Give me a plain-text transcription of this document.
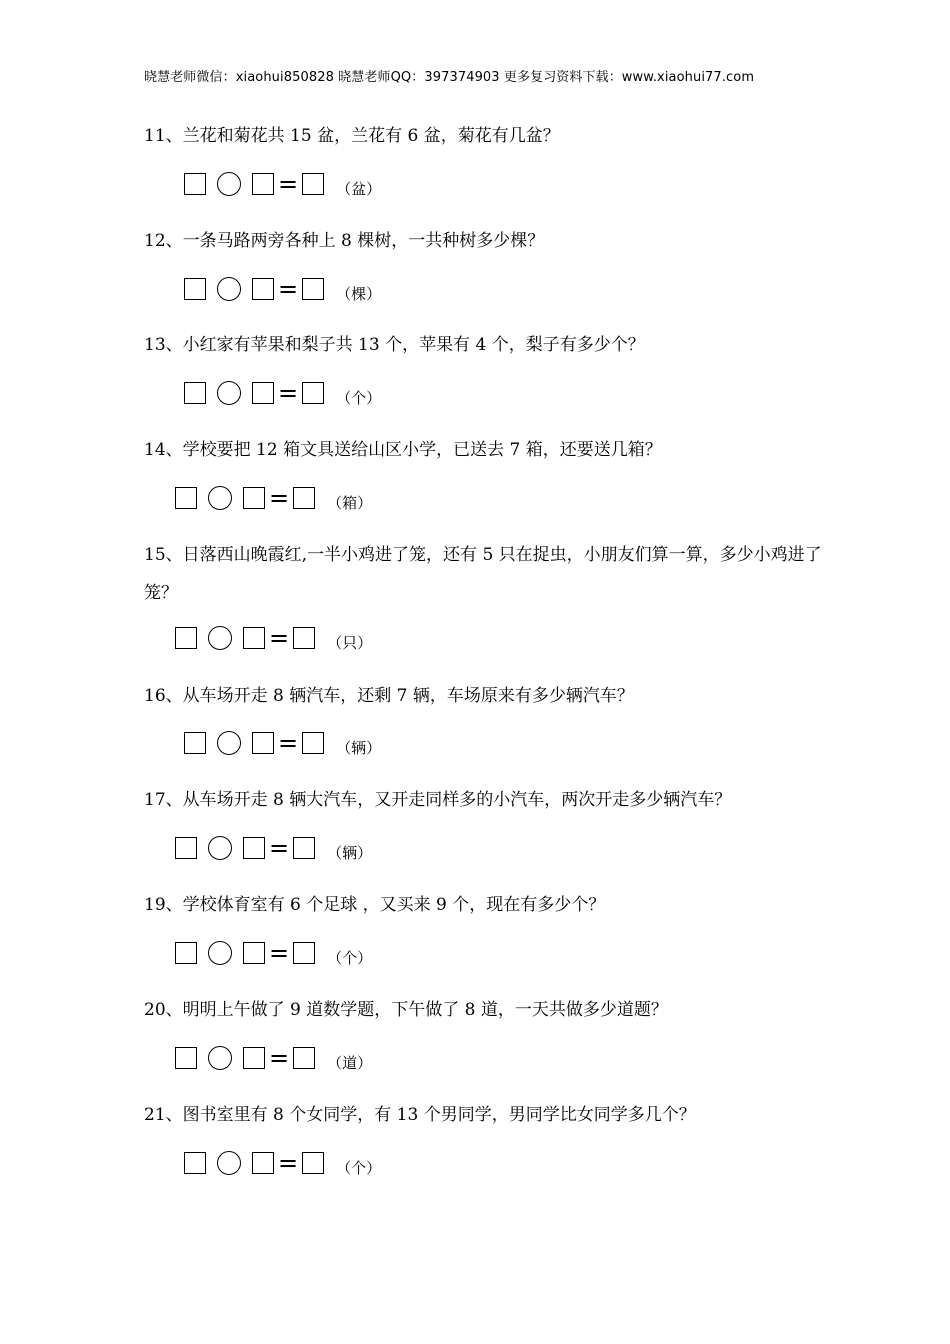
晓慧老师微信：xiaohui850828 晓慧老师QQ：397374903 更多复习资料下载：www.xiaohui77.com
11、兰花和菊花共 15 盆，兰花有 6 盆，菊花有几盆？
=	（盆）
12、一条马路两旁各种上 8 棵树，一共种树多少棵？
=	（棵）
13、小红家有苹果和梨子共 13 个，苹果有 4 个，梨子有多少个？
=	（个）
14、学校要把 12 箱文具送给山区小学，已送去 7 箱，还要送几箱？
=	（箱）
15、日落西山晚霞红,一半小鸡进了笼，还有 5 只在捉虫，小朋友们算一算，多少小鸡进了笼？
=	（只）
16、从车场开走 8 辆汽车，还剩 7 辆，车场原来有多少辆汽车？
=	（辆）
17、从车场开走 8 辆大汽车，又开走同样多的小汽车，两次开走多少辆汽车？
=	（辆）
19、学校体育室有 6 个足球 ，又买来 9 个，现在有多少个？
=	（个）
20、明明上午做了 9 道数学题，下午做了 8 道，一天共做多少道题？
=	（道）
21、图书室里有 8 个女同学，有 13 个男同学，男同学比女同学多几个？
=	（个）
